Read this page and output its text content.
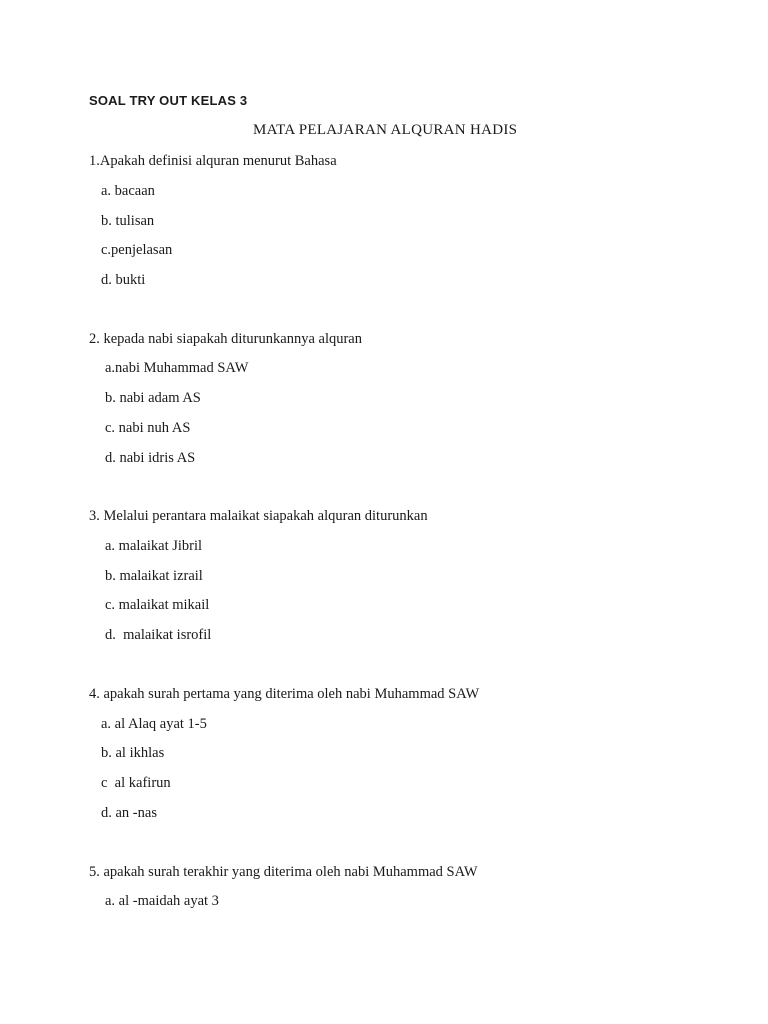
SOAL TRY OUT KELAS 3
MATA PELAJARAN ALQURAN HADIS
1.Apakah definisi alquran menurut Bahasa
a. bacaan
b. tulisan
c.penjelasan
d. bukti
2. kepada nabi siapakah diturunkannya alquran
a.nabi Muhammad SAW
b. nabi adam AS
c. nabi nuh AS
d. nabi idris AS
3. Melalui perantara malaikat siapakah alquran diturunkan
a. malaikat Jibril
b. malaikat izrail
c. malaikat mikail
d.  malaikat isrofil
4. apakah surah pertama yang diterima oleh nabi Muhammad SAW
a. al Alaq ayat 1-5
b. al ikhlas
c  al kafirun
d. an -nas
5. apakah surah terakhir yang diterima oleh nabi Muhammad SAW
a. al -maidah ayat 3
